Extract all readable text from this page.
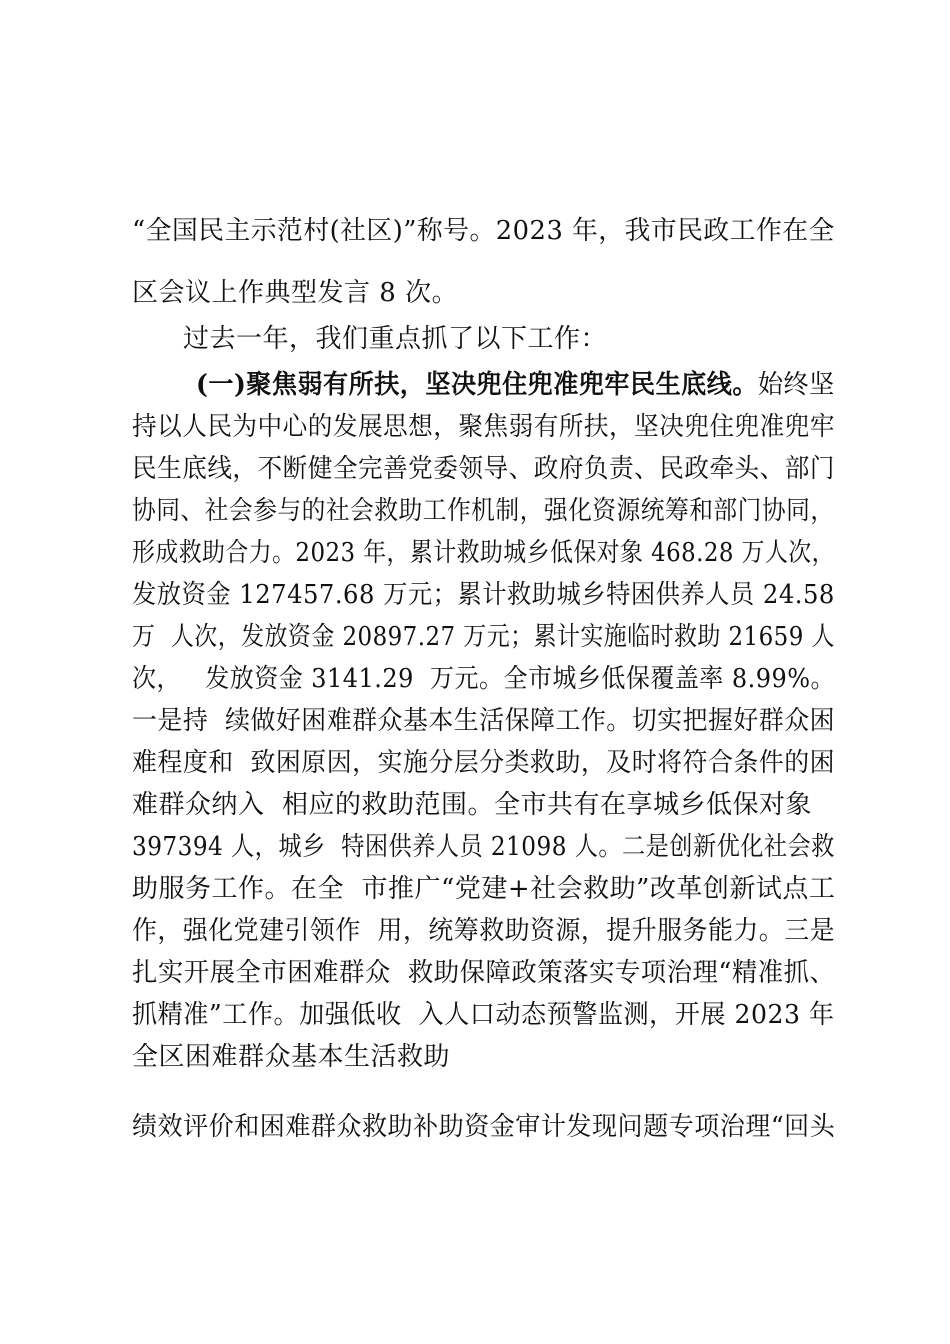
“全国民主示范村(社区)”称号。2023 年，我市民政工作在全
区会议上作典型发言 8 次。
过去一年，我们重点抓了以下工作：
(一)聚焦弱有所扶，坚决兜住兜准兜牢民生底线。始终坚
持以人民为中心的发展思想，聚焦弱有所扶，坚决兜住兜准兜牢
民生底线，不断健全完善党委领导、政府负责、民政牵头、部门
协同、社会参与的社会救助工作机制，强化资源统筹和部门协同，
形成救助合力。2023 年，累计救助城乡低保对象 468.28 万人次，
发放资金 127457.68 万元；累计救助城乡特困供养人员 24.58
万  人次，发放资金 20897.27 万元；累计实施临时救助 21659 人
次，   发放资金 3141.29  万元。全市城乡低保覆盖率 8.99%。
一是持  续做好困难群众基本生活保障工作。切实把握好群众困
难程度和  致困原因，实施分层分类救助，及时将符合条件的困
难群众纳入  相应的救助范围。全市共有在享城乡低保对象
397394 人，城乡  特困供养人员 21098 人。二是创新优化社会救
助服务工作。在全  市推广“党建+社会救助”改革创新试点工
作，强化党建引领作  用，统筹救助资源，提升服务能力。三是
扎实开展全市困难群众  救助保障政策落实专项治理“精准抓、
抓精准”工作。加强低收  入人口动态预警监测，开展 2023 年
全区困难群众基本生活救助
绩效评价和困难群众救助补助资金审计发现问题专项治理“回头
